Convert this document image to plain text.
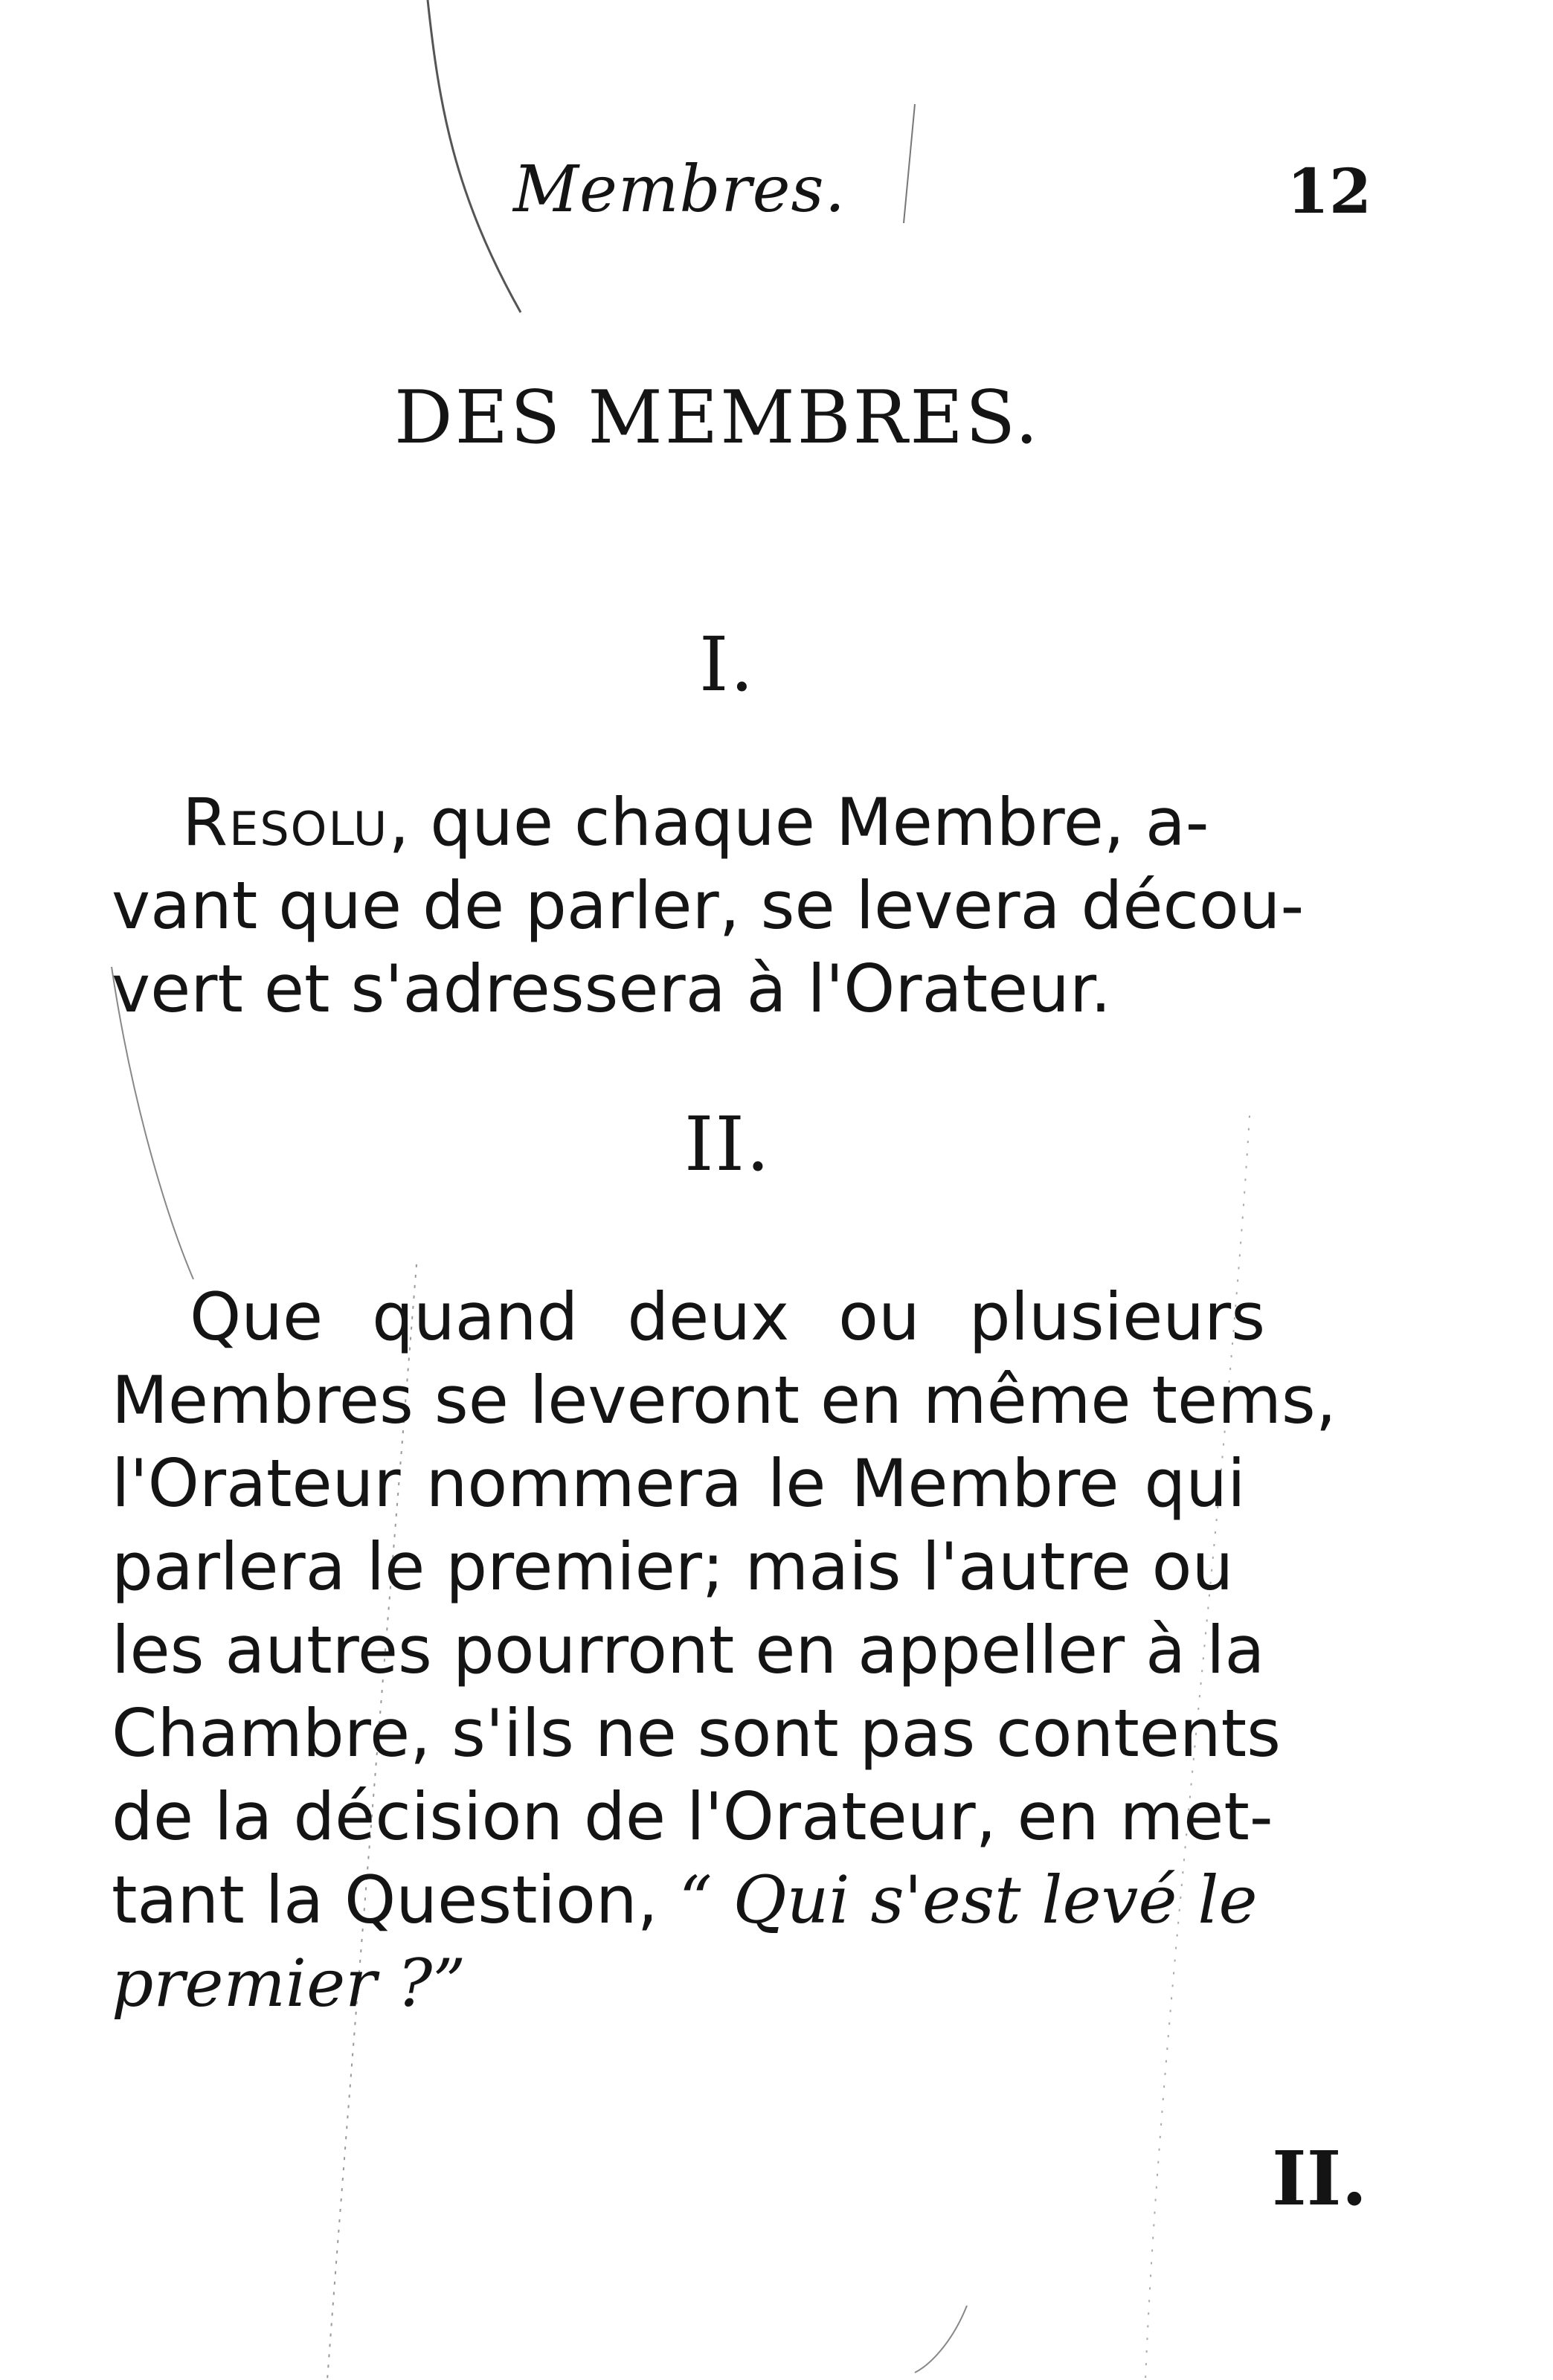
Membres.	12
DES MEMBRES.
I.
Resolu , que chaque Membre, a-
vant que de parler, se levera décou-
vert et s'adressera à l'Orateur.
II.
Que quand deux ou plusieurs
Membres se leveront en même tems,
l'Orateur nommera le Membre qui
parlera le premier; mais l'autre ou
les autres pourront en appeller à la
Chambre, s'ils ne sont pas contents
de la décision de l'Orateur, en met-
tant la Question, “ Qui s'est levé le
premier ?”
II.
